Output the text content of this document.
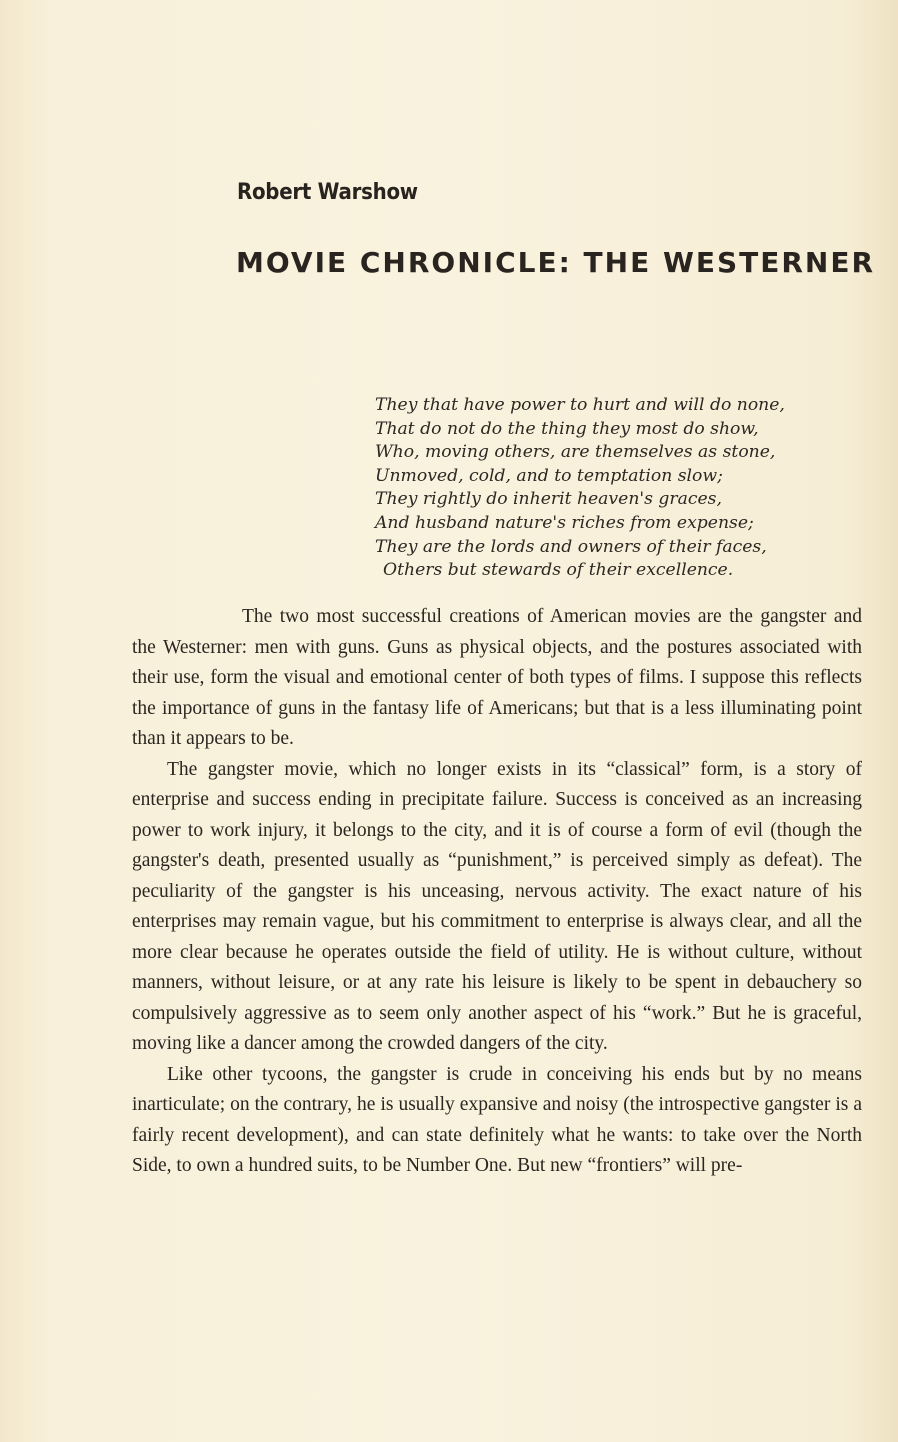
Robert Warshow
MOVIE CHRONICLE: THE WESTERNER
They that have power to hurt and will do none,
That do not do the thing they most do show,
Who, moving others, are themselves as stone,
Unmoved, cold, and to temptation slow;
They rightly do inherit heaven's graces,
And husband nature's riches from expense;
They are the lords and owners of their faces,
Others but stewards of their excellence.

The two most successful creations of American movies are the gangster and the Westerner: men with guns. Guns as physical objects, and the postures associated with their use, form the visual and emotional center of both types of films. I suppose this reflects the importance of guns in the fantasy life of Americans; but that is a less illuminating point than it appears to be.

The gangster movie, which no longer exists in its “classical” form, is a story of enterprise and success ending in precipitate failure. Success is conceived as an increasing power to work injury, it belongs to the city, and it is of course a form of evil (though the gangster's death, presented usually as “punishment,” is perceived simply as defeat). The peculiarity of the gangster is his unceasing, nervous activity. The exact nature of his enterprises may remain vague, but his commitment to enterprise is always clear, and all the more clear because he operates outside the field of utility. He is without culture, without manners, without leisure, or at any rate his leisure is likely to be spent in debauchery so compulsively aggressive as to seem only another aspect of his “work.” But he is graceful, moving like a dancer among the crowded dangers of the city.

Like other tycoons, the gangster is crude in conceiving his ends but by no means inarticulate; on the contrary, he is usually expansive and noisy (the introspective gangster is a fairly recent development), and can state definitely what he wants: to take over the North Side, to own a hundred suits, to be Number One. But new “frontiers” will pre-
